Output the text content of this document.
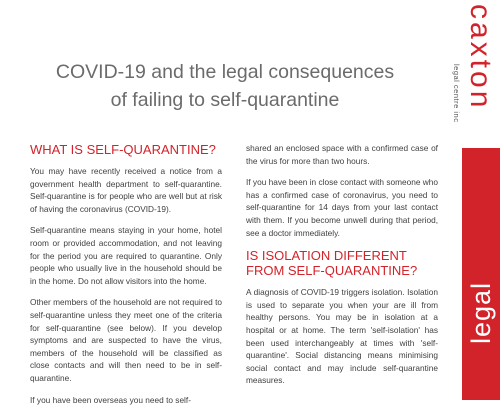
COVID-19 and the legal consequences
of failing to self-quarantine	caxton
legal centre inc
legal
WHAT IS SELF-QUARANTINE?

You may have recently received a notice from a government health department to self-quarantine. Self-quarantine is for people who are well but at risk of having the coronavirus (COVID-19).

Self-quarantine means staying in your home, hotel room or provided accommodation, and not leaving for the period you are required to quarantine. Only people who usually live in the household should be in the home. Do not allow visitors into the home.

Other members of the household are not required to self-quarantine unless they meet one of the criteria for self-quarantine (see below). If you develop symptoms and are suspected to have the virus, members of the household will be classified as close contacts and will then need to be in self-quarantine.

If you have been overseas you need to self-

shared an enclosed space with a confirmed case of the virus for more than two hours.

If you have been in close contact with someone who has a confirmed case of coronavirus, you need to self-quarantine for 14 days from your last contact with them. If you become unwell during that period, see a doctor immediately.

IS ISOLATION DIFFERENT FROM SELF-QUARANTINE?

A diagnosis of COVID-19 triggers isolation. Isolation is used to separate you when your are ill from healthy persons. You may be in isolation at a hospital or at home. The term 'self-isolation' has been used interchangeably at times with 'self-quarantine'. Social distancing means minimising social contact and may include self-quarantine measures.
